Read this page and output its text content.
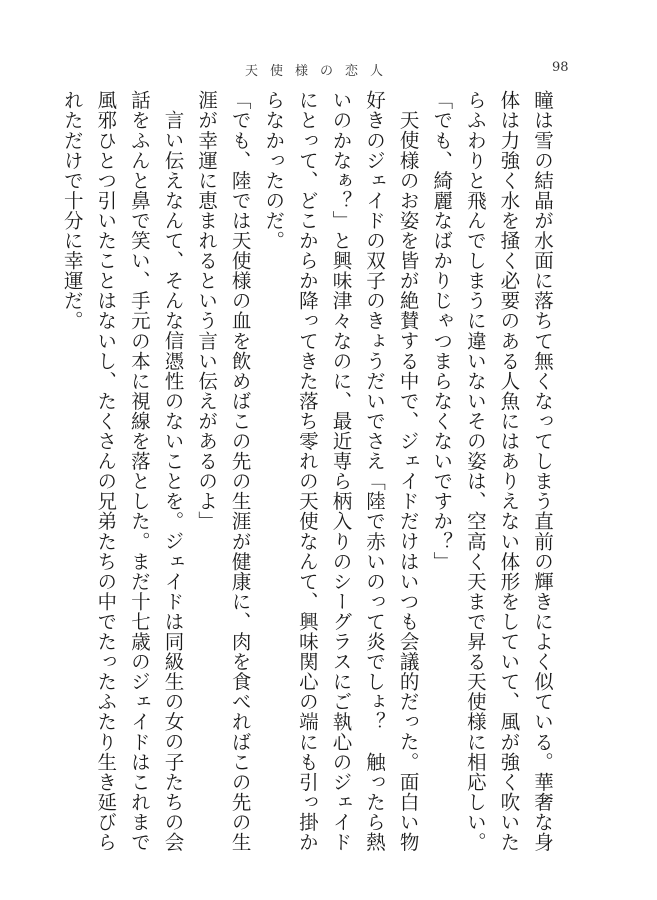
天使様の恋人	98

瞳は雪の結晶が水面に落ちて無くなってしまう直前の輝きによく似ている。華奢な身体は力強く水を掻く必要のある人魚にはありえない体形をしていて、風が強く吹いたらふわりと飛んでしまうに違いないその姿は、空高く天まで昇る天使様に相応しい。

「でも、綺麗なばかりじゃつまらなくないですか？」

天使様のお姿を皆が絶賛する中で、ジェイドだけはいつも会議的だった。面白い物好きのジェイドの双子のきょうだいでさえ「陸で赤いのって炎でしょ？　触ったら熱いのかなぁ？」と興味津々なのに、最近専ら柄入りのシーグラスにご執心のジェイドにとって、どこからか降ってきた落ち零れの天使なんて、興味関心の端にも引っ掛からなかったのだ。

「でも、陸では天使様の血を飲めばこの先の生涯が健康に、肉を食べればこの先の生涯が幸運に恵まれるという言い伝えがあるのよ」

言い伝えなんて、そんな信憑性のないことを。ジェイドは同級生の女の子たちの会話をふんと鼻で笑い、手元の本に視線を落とした。まだ十七歳のジェイドはこれまで風邪ひとつ引いたことはないし、たくさんの兄弟たちの中でたったふたり生き延びられただけで十分に幸運だ。
